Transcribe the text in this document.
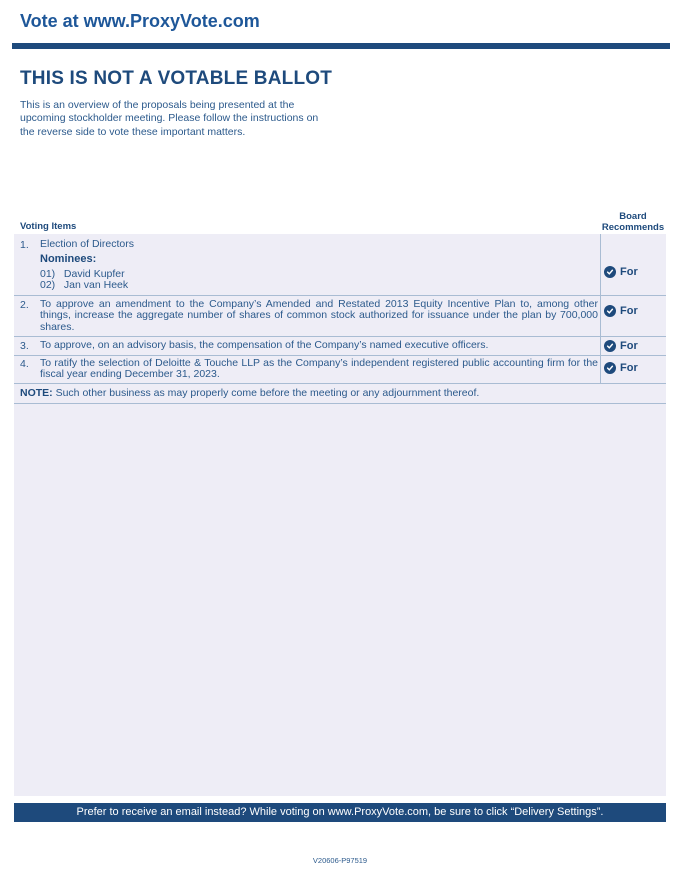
Vote at www.ProxyVote.com
THIS IS NOT A VOTABLE BALLOT
This is an overview of the proposals being presented at the
upcoming stockholder meeting. Please follow the instructions on
the reverse side to vote these important matters.
Voting Items
Board
Recommends
1. Election of Directors
Nominees:
01)   David Kupfer
02)   Jan van Heek
For
2. To approve an amendment to the Company’s Amended and Restated 2013 Equity Incentive Plan to, among other things, increase the aggregate number of shares of common stock authorized for issuance under the plan by 700,000 shares.
For
3. To approve, on an advisory basis, the compensation of the Company’s named executive officers.	For
4. To ratify the selection of Deloitte & Touche LLP as the Company’s independent registered public accounting firm for the fiscal year ending December 31, 2023.
For
NOTE: Such other business as may properly come before the meeting or any adjournment thereof.
Prefer to receive an email instead? While voting on www.ProxyVote.com, be sure to click “Delivery Settings”.
V20606-P97519
